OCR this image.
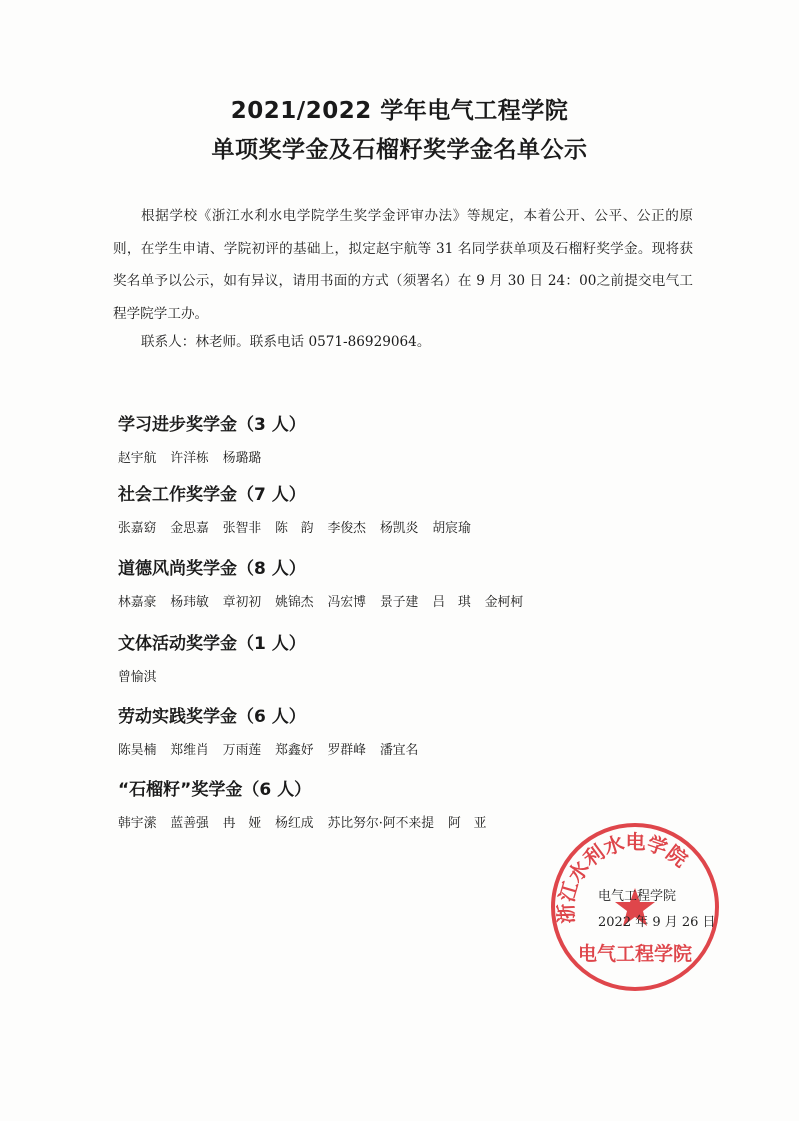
2021/2022 学年电气工程学院
单项奖学金及石榴籽奖学金名单公示

根据学校《浙江水利水电学院学生奖学金评审办法》等规定，本着公开、公平、公正的原则，在学生申请、学院初评的基础上，拟定赵宇航等 31 名同学获单项及石榴籽奖学金。现将获奖名单予以公示，如有异议，请用书面的方式（须署名）在 9 月 30 日 24：00之前提交电气工程学院学工办。

联系人：林老师。联系电话 0571-86929064。
学习进步奖学金（3 人）
赵宇航 许洋栋 杨璐璐
社会工作奖学金（7 人）
张嘉窈 金思嘉 张智非 陈　韵 李俊杰 杨凯炎 胡宸瑜
道德风尚奖学金（8 人）
林嘉豪 杨玮敏 章初初 姚锦杰 冯宏博 景子建 吕　琪 金柯柯
文体活动奖学金（1 人）
曾愉淇
劳动实践奖学金（6 人）
陈昊楠 郑维肖 万雨莲 郑鑫妤 罗群峰 潘宜名
“石榴籽”奖学金（6 人）
韩宇潆 蓝善强 冉　娅 杨红成 苏比努尔·阿不来提 阿　亚
浙江水利水电学院
电气工程学院
电气工程学院
2022 年 9 月 26 日
